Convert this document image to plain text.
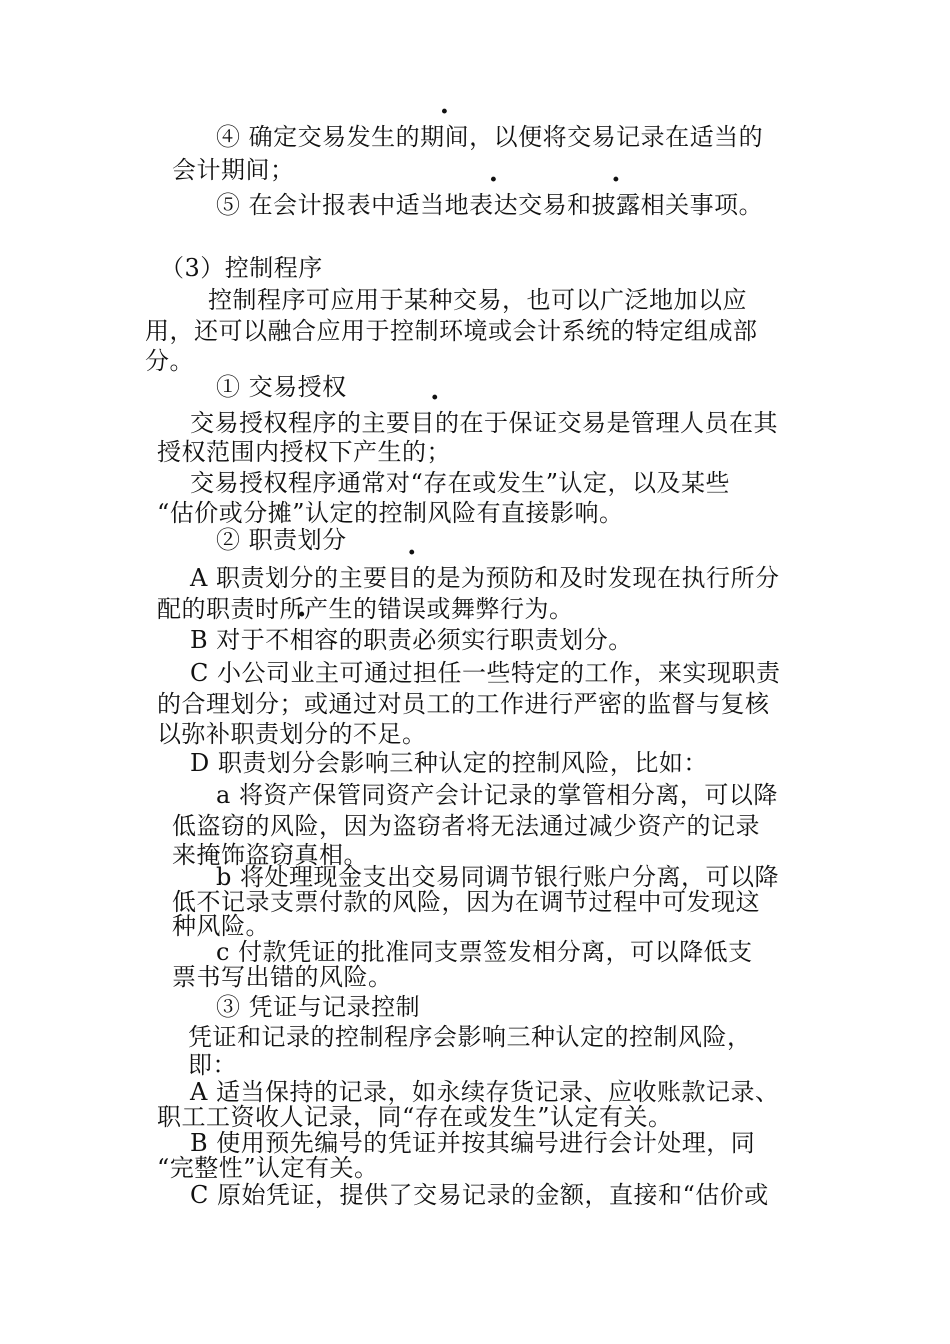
④ 确定交易发生的期间，以便将交易记录在适当的
会计期间；
⑤ 在会计报表中适当地表达交易和披露相关事项。
（3）控制程序
控制程序可应用于某种交易，也可以广泛地加以应
用，还可以融合应用于控制环境或会计系统的特定组成部
分。
① 交易授权
交易授权程序的主要目的在于保证交易是管理人员在其
授权范围内授权下产生的；
交易授权程序通常对“存在或发生”认定，以及某些
“估价或分摊”认定的控制风险有直接影响。
② 职责划分
A 职责划分的主要目的是为预防和及时发现在执行所分
配的职责时所产生的错误或舞弊行为。
B 对于不相容的职责必须实行职责划分。
C 小公司业主可通过担任一些特定的工作，来实现职责
的合理划分；或通过对员工的工作进行严密的监督与复核
以弥补职责划分的不足。
D 职责划分会影响三种认定的控制风险，比如：
a 将资产保管同资产会计记录的掌管相分离，可以降
低盗窃的风险，因为盗窃者将无法通过减少资产的记录
来掩饰盗窃真相。
b 将处理现金支出交易同调节银行账户分离，可以降
低不记录支票付款的风险，因为在调节过程中可发现这
种风险。
c 付款凭证的批准同支票签发相分离，可以降低支
票书写出错的风险。
③ 凭证与记录控制
凭证和记录的控制程序会影响三种认定的控制风险，
即：
A 适当保持的记录，如永续存货记录、应收账款记录、
职工工资收人记录，同“存在或发生”认定有关。
B 使用预先编号的凭证并按其编号进行会计处理，同
“完整性”认定有关。
C 原始凭证，提供了交易记录的金额，直接和“估价或
